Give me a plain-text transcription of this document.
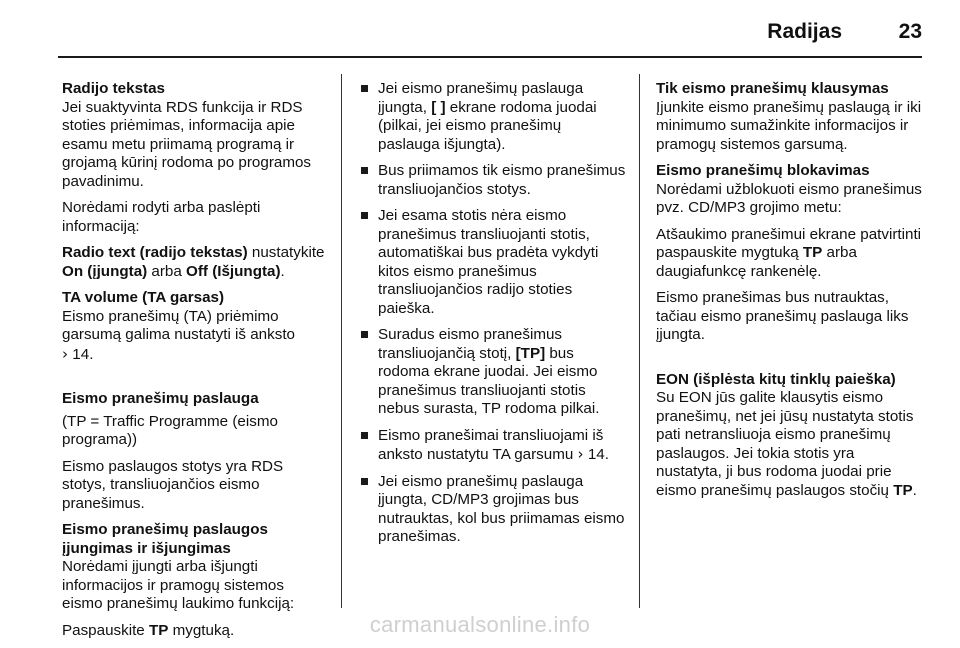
Radijas	23

Radijo tekstas

Jei suaktyvinta RDS funkcija ir RDS stoties priėmimas, informacija apie esamu metu priimamą programą ir grojamą kūrinį rodoma po programos pavadinimu.

Norėdami rodyti arba paslėpti informaciją:

Radio text (radijo tekstas) nustatykite On (įjungta) arba Off (Išjungta).

TA volume (TA garsas)

Eismo pranešimų (TA) priėmimo garsumą galima nustatyti iš anksto
› 14.

Eismo pranešimų paslauga

(TP = Traffic Programme (eismo programa))

Eismo paslaugos stotys yra RDS stotys, transliuojančios eismo pranešimus.

Eismo pranešimų paslaugos įjungimas ir išjungimas

Norėdami įjungti arba išjungti informacijos ir pramogų sistemos eismo pranešimų laukimo funkciją:

Paspauskite TP mygtuką.

Jei eismo pranešimų paslauga įjungta, [ ] ekrane rodoma juodai (pilkai, jei eismo pranešimų paslauga išjungta).
Bus priimamos tik eismo pranešimus transliuojančios stotys.
Jei esama stotis nėra eismo pranešimus transliuojanti stotis, automatiškai bus pradėta vykdyti kitos eismo pranešimus transliuojančios radijo stoties paieška.
Suradus eismo pranešimus transliuojančią stotį, [TP] bus rodoma ekrane juodai. Jei eismo pranešimus transliuojanti stotis nebus surasta, TP rodoma pilkai.
Eismo pranešimai transliuojami iš anksto nustatytu TA garsumu › 14.
Jei eismo pranešimų paslauga įjungta, CD/MP3 grojimas bus nutrauktas, kol bus priimamas eismo pranešimas.

Tik eismo pranešimų klausymas

Įjunkite eismo pranešimų paslaugą ir iki minimumo sumažinkite informacijos ir pramogų sistemos garsumą.

Eismo pranešimų blokavimas

Norėdami užblokuoti eismo pranešimus pvz. CD/MP3 grojimo metu:

Atšaukimo pranešimui ekrane patvirtinti paspauskite mygtuką TP arba daugiafunkcę rankenėlę.

Eismo pranešimas bus nutrauktas, tačiau eismo pranešimų paslauga liks įjungta.

EON (išplėsta kitų tinklų paieška)

Su EON jūs galite klausytis eismo pranešimų, net jei jūsų nustatyta stotis pati netransliuoja eismo pranešimų paslaugos. Jei tokia stotis yra nustatyta, ji bus rodoma juodai prie eismo pranešimų paslaugos stočių TP.

carmanualsonline.info
